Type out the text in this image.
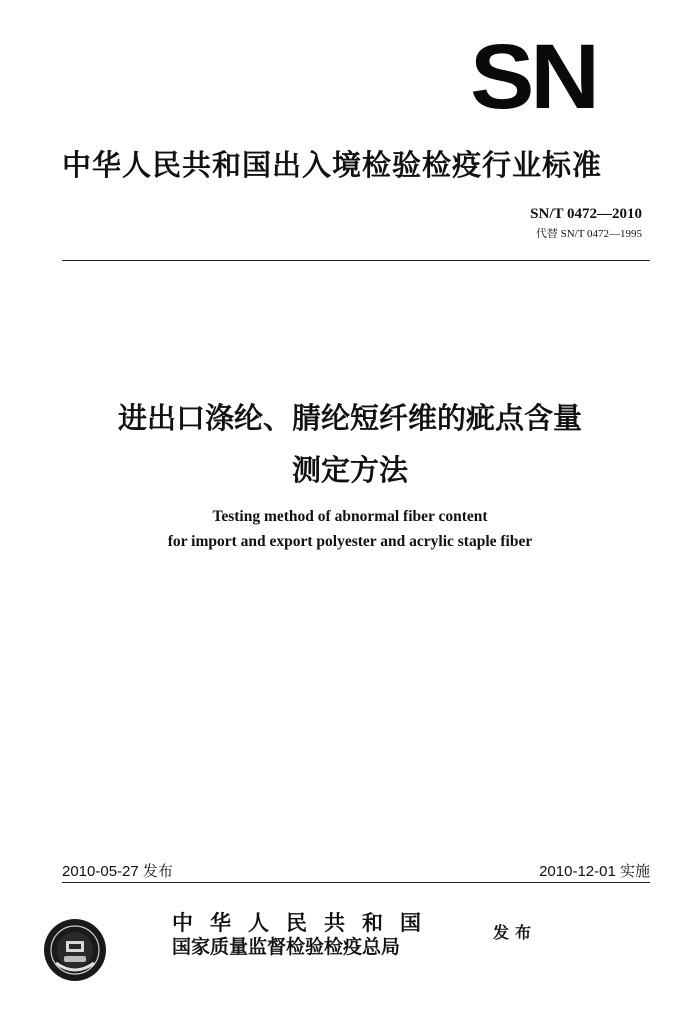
SN
中华人民共和国出入境检验检疫行业标准
SN/T 0472—2010
代替 SN/T 0472—1995
进出口涤纶、腈纶短纤维的疵点含量
测定方法
Testing method of abnormal fiber content
for import and export polyester and acrylic staple fiber
2010-05-27 发布	2010-12-01 实施
中华人民共和国
国家质量监督检验检疫总局
发布
